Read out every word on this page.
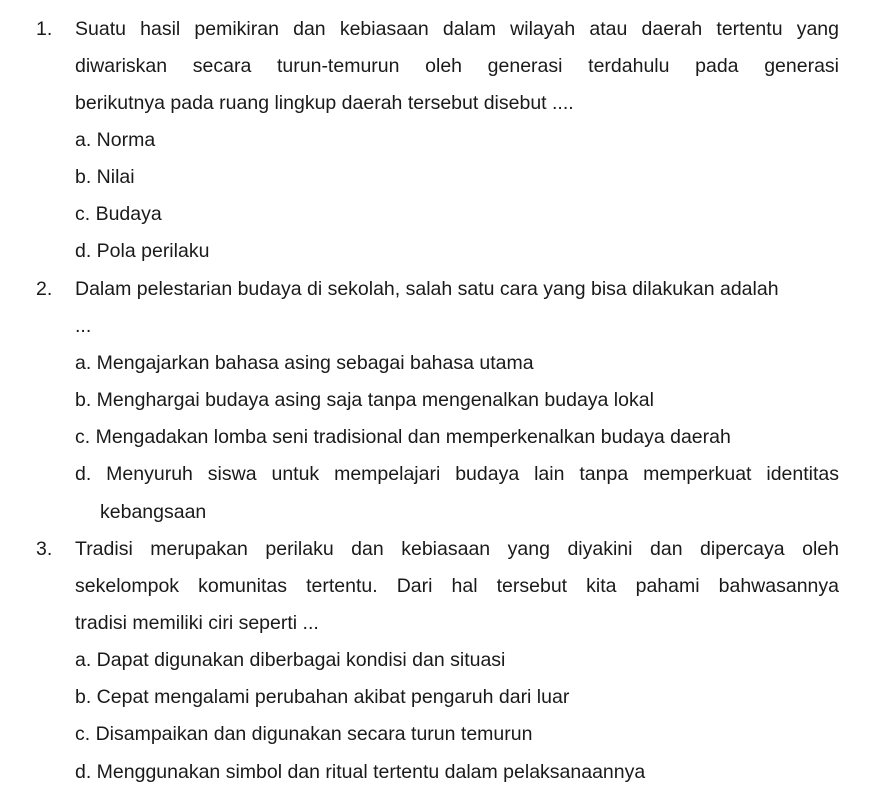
1. Suatu hasil pemikiran dan kebiasaan dalam wilayah atau daerah tertentu yang
diwariskan secara turun-temurun oleh generasi terdahulu pada generasi
berikutnya pada ruang lingkup daerah tersebut disebut ....
a. Norma
b. Nilai
c. Budaya
d. Pola perilaku
2. Dalam pelestarian budaya di sekolah, salah satu cara yang bisa dilakukan adalah
...
a. Mengajarkan bahasa asing sebagai bahasa utama
b. Menghargai budaya asing saja tanpa mengenalkan budaya lokal
c. Mengadakan lomba seni tradisional dan memperkenalkan budaya daerah
d. Menyuruh siswa untuk mempelajari budaya lain tanpa memperkuat identitas
kebangsaan
3. Tradisi merupakan perilaku dan kebiasaan yang diyakini dan dipercaya oleh
sekelompok komunitas tertentu. Dari hal tersebut kita pahami bahwasannya
tradisi memiliki ciri seperti ...
a. Dapat digunakan diberbagai kondisi dan situasi
b. Cepat mengalami perubahan akibat pengaruh dari luar
c. Disampaikan dan digunakan secara turun temurun
d. Menggunakan simbol dan ritual tertentu dalam pelaksanaannya
